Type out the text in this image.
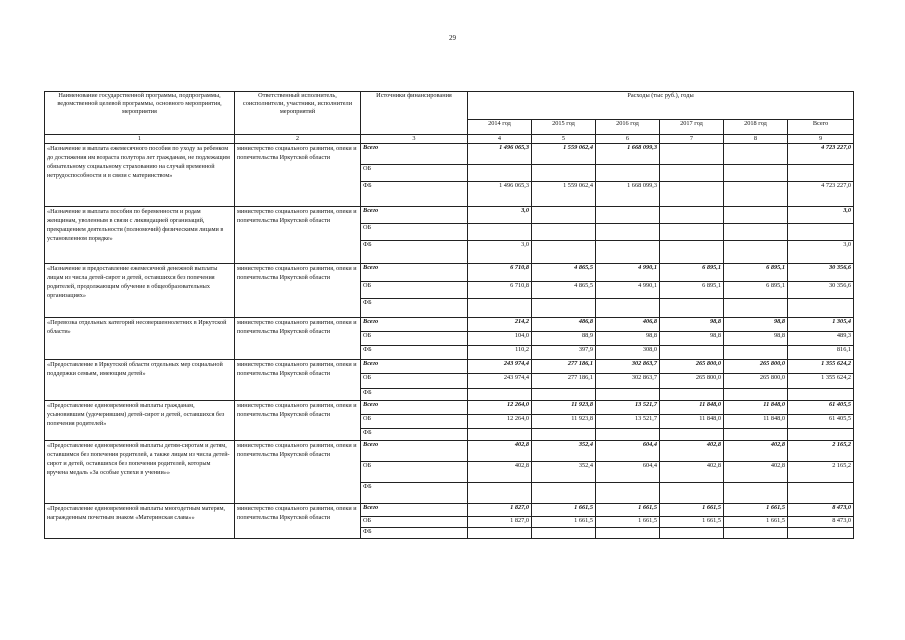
29
Наименование государственной программы, подпрограммы, ведомственной целевой программы, основного мероприятия, мероприятия	Ответственный исполнитель, соисполнители, участники, исполнители мероприятий	Источники финансирования	Расходы (тыс руб.), годы					
			2014 год	2015 год	2016 год	2017 год	2018 год	Всего
1	2	3	4	5	6	7	8	9
«Назначение и выплата ежемесячного пособия по уходу за ребенком до достижения им возраста полутора лет гражданам, не подлежащим обязательному социальному страхованию на случай временной нетрудоспособности и в связи с материнством»	министерство социального развития, опеки и попечительства Иркутской области	Всего	1 496 065,3	1 559 062,4	1 668 099,3			4 723 227,0
		ОБ						
		ФБ	1 496 065,3	1 559 062,4	1 668 099,3			4 723 227,0
«Назначение и выплата пособия по беременности и родам женщинам, уволенным в связи с ликвидацией организаций, прекращением деятельности (полномочий) физическими лицами в установленном порядке»	министерство социального развития, опеки и попечительства Иркутской области	Всего	3,0					3,0
		ОБ						
		ФБ	3,0					3,0
«Назначение и предоставление ежемесячной денежной выплаты лицам из числа детей-сирот и детей, оставшихся без попечения родителей, продолжающим обучение в общеобразовательных организациях»	министерство социального развития, опеки и попечительства Иркутской области	Всего	6 710,8	4 865,5	4 990,1	6 895,1	6 895,1	30 356,6
		ОБ	6 710,8	4 865,5	4 990,1	6 895,1	6 895,1	30 356,6
		ФБ						
«Перевозка отдельных категорий несовершеннолетних в Иркутской области»	министерство социального развития, опеки и попечительства Иркутской области	Всего	214,2	486,8	406,8	98,8	98,8	1 305,4
		ОБ	104,0	88,9	98,8	98,8	98,8	489,3
		ФБ	110,2	397,9	308,0			816,1
«Предоставление в Иркутской области отдельных мер социальной поддержки семьям, имеющим детей»	министерство социального развития, опеки и попечительства Иркутской области	Всего	243 974,4	277 186,1	302 863,7	265 800,0	265 800,0	1 355 624,2
		ОБ	243 974,4	277 186,1	302 863,7	265 800,0	265 800,0	1 355 624,2
		ФБ						
«Предоставление единовременной выплаты гражданам, усыновившим (удочерившим) детей-сирот и детей, оставшихся без попечения родителей»	министерство социального развития, опеки и попечительства Иркутской области	Всего	12 264,0	11 923,8	13 521,7	11 848,0	11 848,0	61 405,5
		ОБ	12 264,0	11 923,8	13 521,7	11 848,0	11 848,0	61 405,5
		ФБ						
«Предоставление единовременной выплаты детям-сиротам и детям, оставшимся без попечения родителей, а также лицам из числа детей-сирот и детей, оставшихся без попечения родителей, которым вручена медаль «За особые успехи в учении»»	министерство социального развития, опеки и попечительства Иркутской области	Всего	402,8	352,4	604,4	402,8	402,8	2 165,2
		ОБ	402,8	352,4	604,4	402,8	402,8	2 165,2
		ФБ						
«Предоставление единовременной выплаты многодетным матерям, награжденным почетным знаком «Материнская слава»»	министерство социального развития, опеки и попечительства Иркутской области	Всего	1 827,0	1 661,5	1 661,5	1 661,5	1 661,5	8 473,0
		ОБ	1 827,0	1 661,5	1 661,5	1 661,5	1 661,5	8 473,0
		ФБ						
